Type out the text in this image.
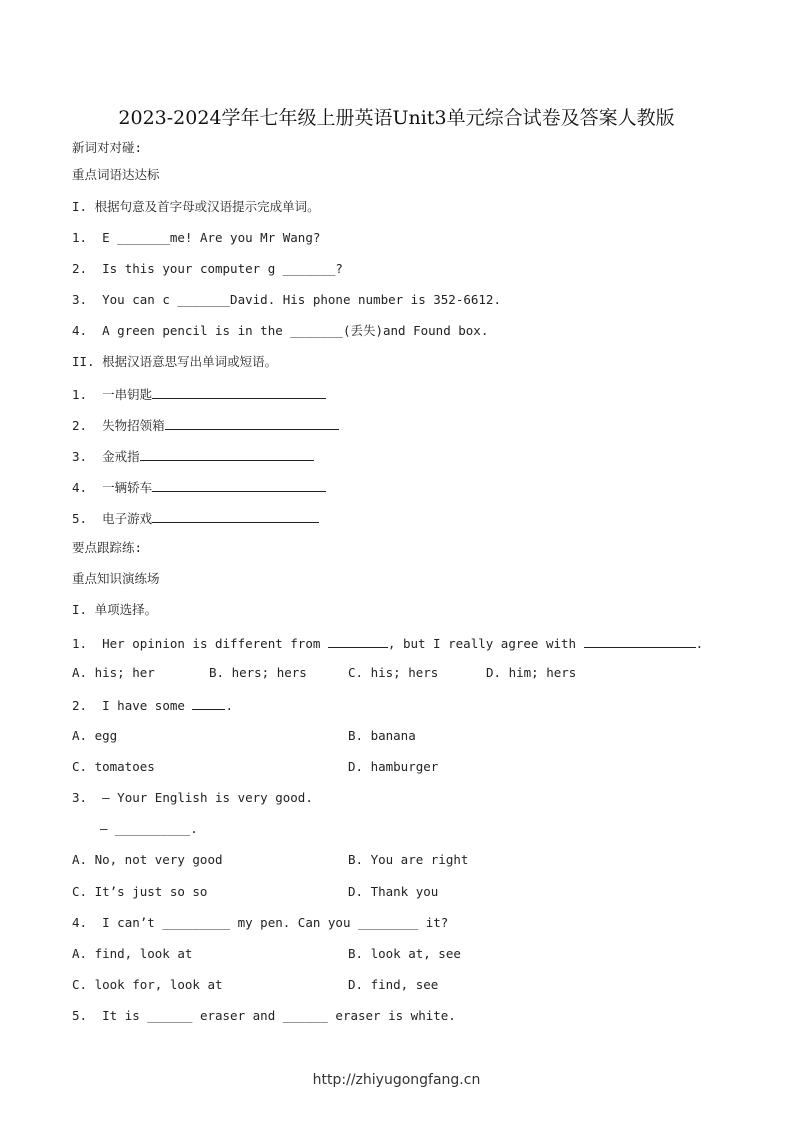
2023-2024学年七年级上册英语Unit3单元综合试卷及答案人教版
新词对对碰:
重点词语达达标
I. 根据句意及首字母或汉语提示完成单词。
1. E _______me! Are you Mr Wang?
2. Is this your computer g _______?
3. You can c _______David. His phone number is 352-6612.
4. A green pencil is in the _______(丢失)and Found box.
II. 根据汉语意思写出单词或短语。
1. 一串钥匙
2. 失物招领箱
3. 金戒指
4. 一辆轿车
5. 电子游戏
要点跟踪练:
重点知识演练场
I. 单项选择。
1. Her opinion is different from	, but I really agree with	.
A. his; her	B. hers; hers	C. his; hers	D. him; hers
2. I have some	.
A. egg	B. banana
C. tomatoes	D. hamburger
3. — Your English is very good.
— __________.
A. No, not very good	B. You are right
C. It’s just so so	D. Thank you
4. I can’t _________ my pen. Can you ________ it?
A. find, look at	B. look at, see
C. look for, look at	D. find, see
5. It is ______ eraser and ______ eraser is white.
http://zhiyugongfang.cn
